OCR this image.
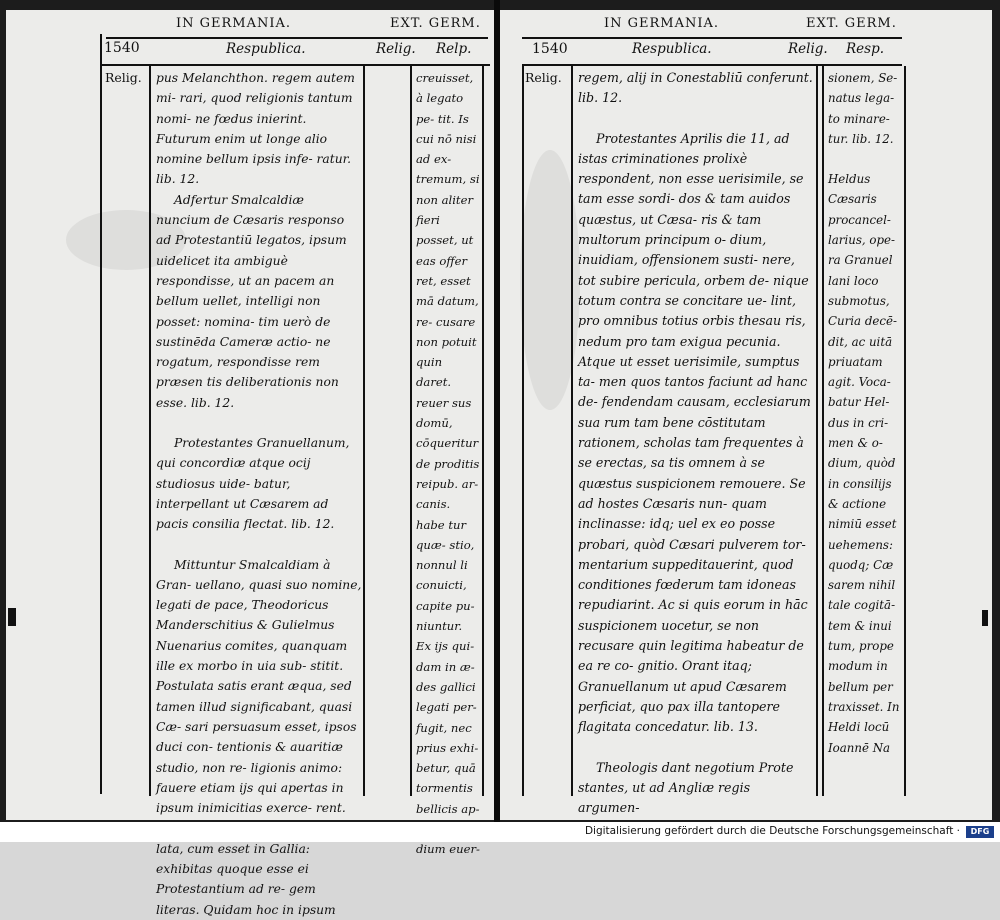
IN GERMANIA.	EXT. GERM.
1540	Respublica.	Relig. Relp.
Relig. pus Melanchthon. regem autem mi- rari, quod religionis tantum nomi- ne fœdus inierint. Futurum enim ut longe alio nomine bellum ipsis infe- ratur. lib. 12.

Adfertur Smalcaldiæ nuncium de Cæsaris responso ad Protestantiū legatos, ipsum uidelicet ita ambiguè respondisse, ut an pacem an bellum uellet, intelligi non posset: nomina- tim uerò de sustinēda Cameræ actio- ne rogatum, respondisse rem præsen tis deliberationis non esse. lib. 12.

Protestantes Granuellanum, qui concordiæ atque ocij studiosus uide- batur, interpellant ut Cæsarem ad pacis consilia flectat. lib. 12.

Mittuntur Smalcaldiam à Gran- uellano, quasi suo nomine, legati de pace, Theodoricus Manderschitius & Gulielmus Nuenarius comites, quanquam ille ex morbo in uia sub- stitit. Postulata satis erant æqua, sed tamen illud significabant, quasi Cæ- sari persuasum esset, ipsos duci con- tentionis & auaritiæ studio, non re- ligionis animo: fauere etiam ijs qui apertas in ipsum inimicitias exerce- rent. lata, cum esset in Gallia: exhibitas quoque esse ei Protestantium ad re- gem literas. Quidam hoc in ipsum

creuisset, à legato pe- tit. Is cui nō nisi ad ex- tremum, si non aliter fieri posset, ut eas offer ret, esset mā datum, re- cusare non potuit quin daret. reuer sus domū, cōqueritur de proditis reipub. ar- canis. habe tur quæ- stio, nonnul li conuicti, capite pu- niuntur.

Ex ijs qui- dam in æ- des gallici legati per- fugit, nec prius exhi- betur, quā tormentis bellicis ap- dium euer-

IN GERMANIA.	EXT. GERM.
1540	Respublica.	Relig. Resp.
Relig. regem, alij in Conestabliū conferunt. lib. 12.

Protestantes Aprilis die 11, ad istas criminationes prolixè respondent, non esse uerisimile, se tam esse sordi- dos & tam auidos quæstus, ut Cæsa- ris & tam multorum principum o- dium, inuidiam, offensionem susti- nere, tot subire pericula, orbem de- nique totum contra se concitare ue- lint, pro omnibus totius orbis thesau ris, nedum pro tam exigua pecunia. Atque ut esset uerisimile, sumptus ta- men quos tantos faciunt ad hanc de- fendendam causam, ecclesiarum sua rum tam bene cōstitutam rationem, scholas tam frequentes à se erectas, sa tis omnem à se quæstus suspicionem remouere. Se ad hostes Cæsaris nun- quam inclinasse: idq; uel ex eo posse probari, quòd Cæsari pulverem tor- mentarium suppeditauerint, quod conditiones fœderum tam idoneas repudiarint. Ac si quis eorum in hāc suspicionem uocetur, se non recusare quin legitima habeatur de ea re co- gnitio. Orant itaq; Granuellanum ut apud Cæsarem perficiat, quo pax illa tantopere flagitata concedatur. lib. 13.

Theologis dant negotium Prote stantes, ut ad Angliæ regis argumen-

sionem, Se- natus lega- to minare- tur. lib. 12.

Heldus Cæsaris procancel- larius, ope- ra Granuel lani loco submotus, Curia decē- dit, ac uitā priuatam agit. Voca- batur Hel- dus in cri- men & o- dium, quòd in consilijs & actione nimiū esset uehemens: quodq; Cæ sarem nihil tale cogitā- tem & inui tum, prope modum in bellum per traxisset. In Heldi locū Ioannē Na

Digitalisierung gefördert durch die Deutsche Forschungsgemeinschaft ·	DFG
